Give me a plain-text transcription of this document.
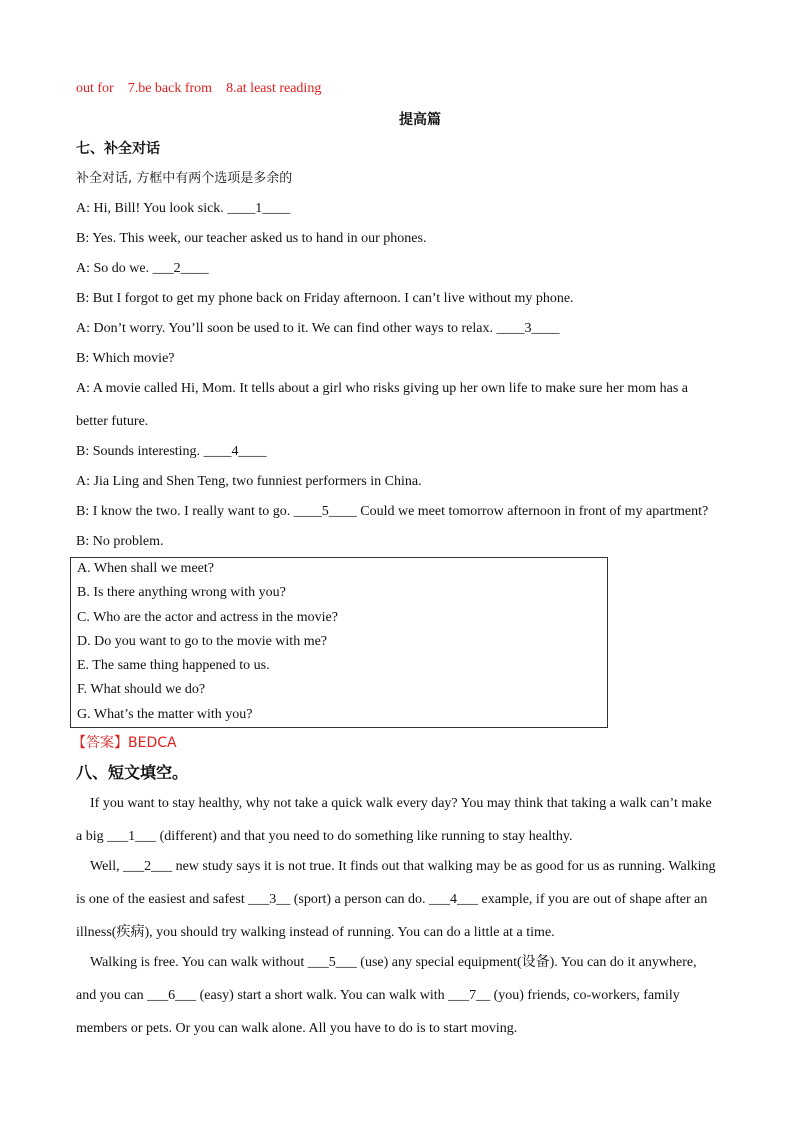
out for 7.be back from 8.at least reading
提高篇
七、补全对话
补全对话, 方框中有两个选项是多余的
A: Hi, Bill! You look sick. ____1____
B: Yes. This week, our teacher asked us to hand in our phones.
A: So do we. ___2____
B: But I forgot to get my phone back on Friday afternoon. I can’t live without my phone.
A: Don’t worry. You’ll soon be used to it. We can find other ways to relax. ____3____
B: Which movie?
A: A movie called Hi, Mom. It tells about a girl who risks giving up her own life to make sure her mom has a
better future.
B: Sounds interesting. ____4____
A: Jia Ling and Shen Teng, two funniest performers in China.
B: I know the two. I really want to go. ____5____ Could we meet tomorrow afternoon in front of my apartment?
B: No problem.
A. When shall we meet?
B. Is there anything wrong with you?
C. Who are the actor and actress in the movie?
D. Do you want to go to the movie with me?
E. The same thing happened to us.
F. What should we do?
G. What’s the matter with you?
【答案】BEDCA
八、短文填空。
If you want to stay healthy, why not take a quick walk every day? You may think that taking a walk can’t make
a big ___1___ (different) and that you need to do something like running to stay healthy.
Well, ___2___ new study says it is not true. It finds out that walking may be as good for us as running. Walking
is one of the easiest and safest ___3__ (sport) a person can do. ___4___ example, if you are out of shape after an
illness(疾病), you should try walking instead of running. You can do a little at a time.
Walking is free. You can walk without ___5___ (use) any special equipment(设备). You can do it anywhere,
and you can ___6___ (easy) start a short walk. You can walk with ___7__ (you) friends, co-workers, family
members or pets. Or you can walk alone. All you have to do is to start moving.
